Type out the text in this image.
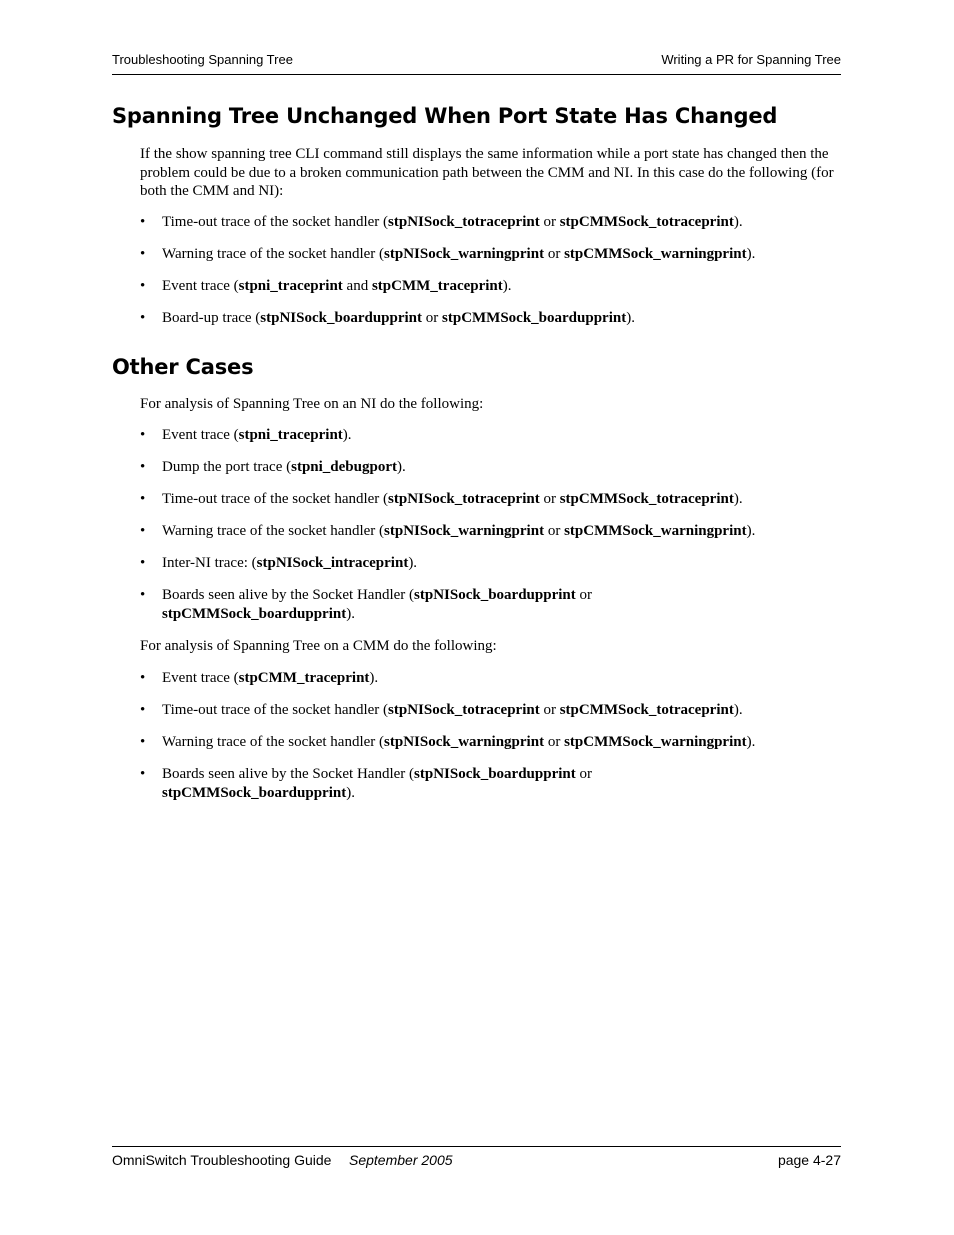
Troubleshooting Spanning Tree	Writing a PR for Spanning Tree
Spanning Tree Unchanged When Port State Has Changed

If the show spanning tree CLI command still displays the same information while a port state has changed then the problem could be due to a broken communication path between the CMM and NI. In this case do the following (for both the CMM and NI):

• Time-out trace of the socket handler (stpNISock_totraceprint or stpCMMSock_totraceprint).
• Warning trace of the socket handler (stpNISock_warningprint or stpCMMSock_warningprint).
• Event trace (stpni_traceprint and stpCMM_traceprint).
• Board-up trace (stpNISock_boardupprint or stpCMMSock_boardupprint).
Other Cases

For analysis of Spanning Tree on an NI do the following:

• Event trace (stpni_traceprint).
• Dump the port trace (stpni_debugport).
• Time-out trace of the socket handler (stpNISock_totraceprint or stpCMMSock_totraceprint).
• Warning trace of the socket handler (stpNISock_warningprint or stpCMMSock_warningprint).
• Inter-NI trace: (stpNISock_intraceprint).
• Boards seen alive by the Socket Handler (stpNISock_boardupprint or
stpCMMSock_boardupprint).

For analysis of Spanning Tree on a CMM do the following:

• Event trace (stpCMM_traceprint).
• Time-out trace of the socket handler (stpNISock_totraceprint or stpCMMSock_totraceprint).
• Warning trace of the socket handler (stpNISock_warningprint or stpCMMSock_warningprint).
• Boards seen alive by the Socket Handler (stpNISock_boardupprint or
stpCMMSock_boardupprint).
OmniSwitch Troubleshooting Guide September 2005	page 4-27
